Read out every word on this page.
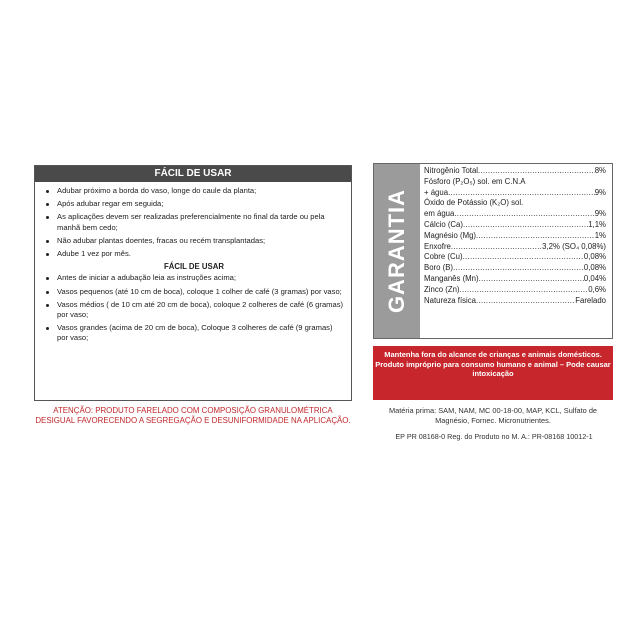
FÁCIL DE USAR
Adubar próximo a borda do vaso, longe do caule da planta;
Após adubar regar em seguida;
As aplicações devem ser realizadas preferencialmente no final da tarde ou pela manhã bem cedo;
Não adubar plantas doentes, fracas ou recém transplantadas;
Adube 1 vez por mês.
FÁCIL DE USAR
Antes de iniciar a adubação leia as instruções acima;
Vasos pequenos (até 10 cm de boca), coloque 1 colher de café (3 gramas) por vaso;
Vasos médios ( de 10 cm até 20 cm de boca), coloque 2 colheres de café (6 gramas) por vaso;
Vasos grandes (acima de 20 cm de boca), Coloque 3 colheres de café (9 gramas) por vaso;
ATENÇÃO: PRODUTO FARELADO COM COMPOSIÇÃO GRANULOMÉTRICA DESIGUAL FAVORECENDO A SEGREGAÇÃO E DESUNIFORMIDADE NA APLICAÇÃO.
GARANTIA
Nitrogênio Total .....	8%
Fósforo (P₂O₅) sol. em C.N.A
+ água .....	9%
Óxido de Potássio (K₂O) sol.
em água .....	9%
Cálcio (Ca) .....	1,1%
Magnésio (Mg) .....	1%
Enxofre .....	3,2% (SO₄ 0,08%)
Cobre (Cu) .....	0,08%
Boro (B) .....	0,08%
Manganês (Mn) .....	0,04%
Zinco (Zn) .....	0,6%
Natureza física .....	Farelado
Mantenha fora do alcance de crianças e animais domésticos.
Produto impróprio para consumo humano e animal – Pode causar intoxicação
Matéria prima: SAM, NAM, MC 00-18-00, MAP, KCL, Sulfato de Magnésio, Fornec. Micronutrientes.
EP PR 08168-0 Reg. do Produto no M. A.: PR-08168 10012-1
